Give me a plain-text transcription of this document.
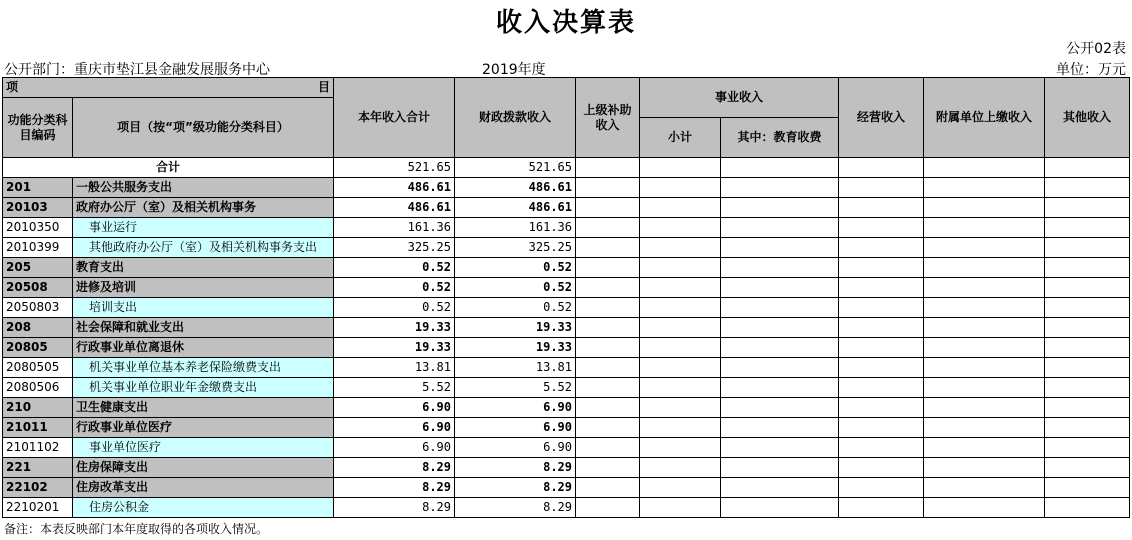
收入决算表
公开02表
公开部门：重庆市垫江县金融发展服务中心	2019年度	单位：万元
项 目		本年收入合计	财政拨款收入	上级补助收入	事业收入		经营收入	附属单位上缴收入	其他收入
功能分类科目编码	项目（按“项”级功能分类科目）								
					小计	其中：教育收费			
合计		521.65	521.65						
201	一般公共服务支出	486.61	486.61						
20103	政府办公厅（室）及相关机构事务	486.61	486.61						
2010350	事业运行	161.36	161.36						
2010399	其他政府办公厅（室）及相关机构事务支出	325.25	325.25						
205	教育支出	0.52	0.52						
20508	进修及培训	0.52	0.52						
2050803	培训支出	0.52	0.52						
208	社会保障和就业支出	19.33	19.33						
20805	行政事业单位离退休	19.33	19.33						
2080505	机关事业单位基本养老保险缴费支出	13.81	13.81						
2080506	机关事业单位职业年金缴费支出	5.52	5.52						
210	卫生健康支出	6.90	6.90						
21011	行政事业单位医疗	6.90	6.90						
2101102	事业单位医疗	6.90	6.90						
221	住房保障支出	8.29	8.29						
22102	住房改革支出	8.29	8.29						
2210201	住房公积金	8.29	8.29						
备注：本表反映部门本年度取得的各项收入情况。
